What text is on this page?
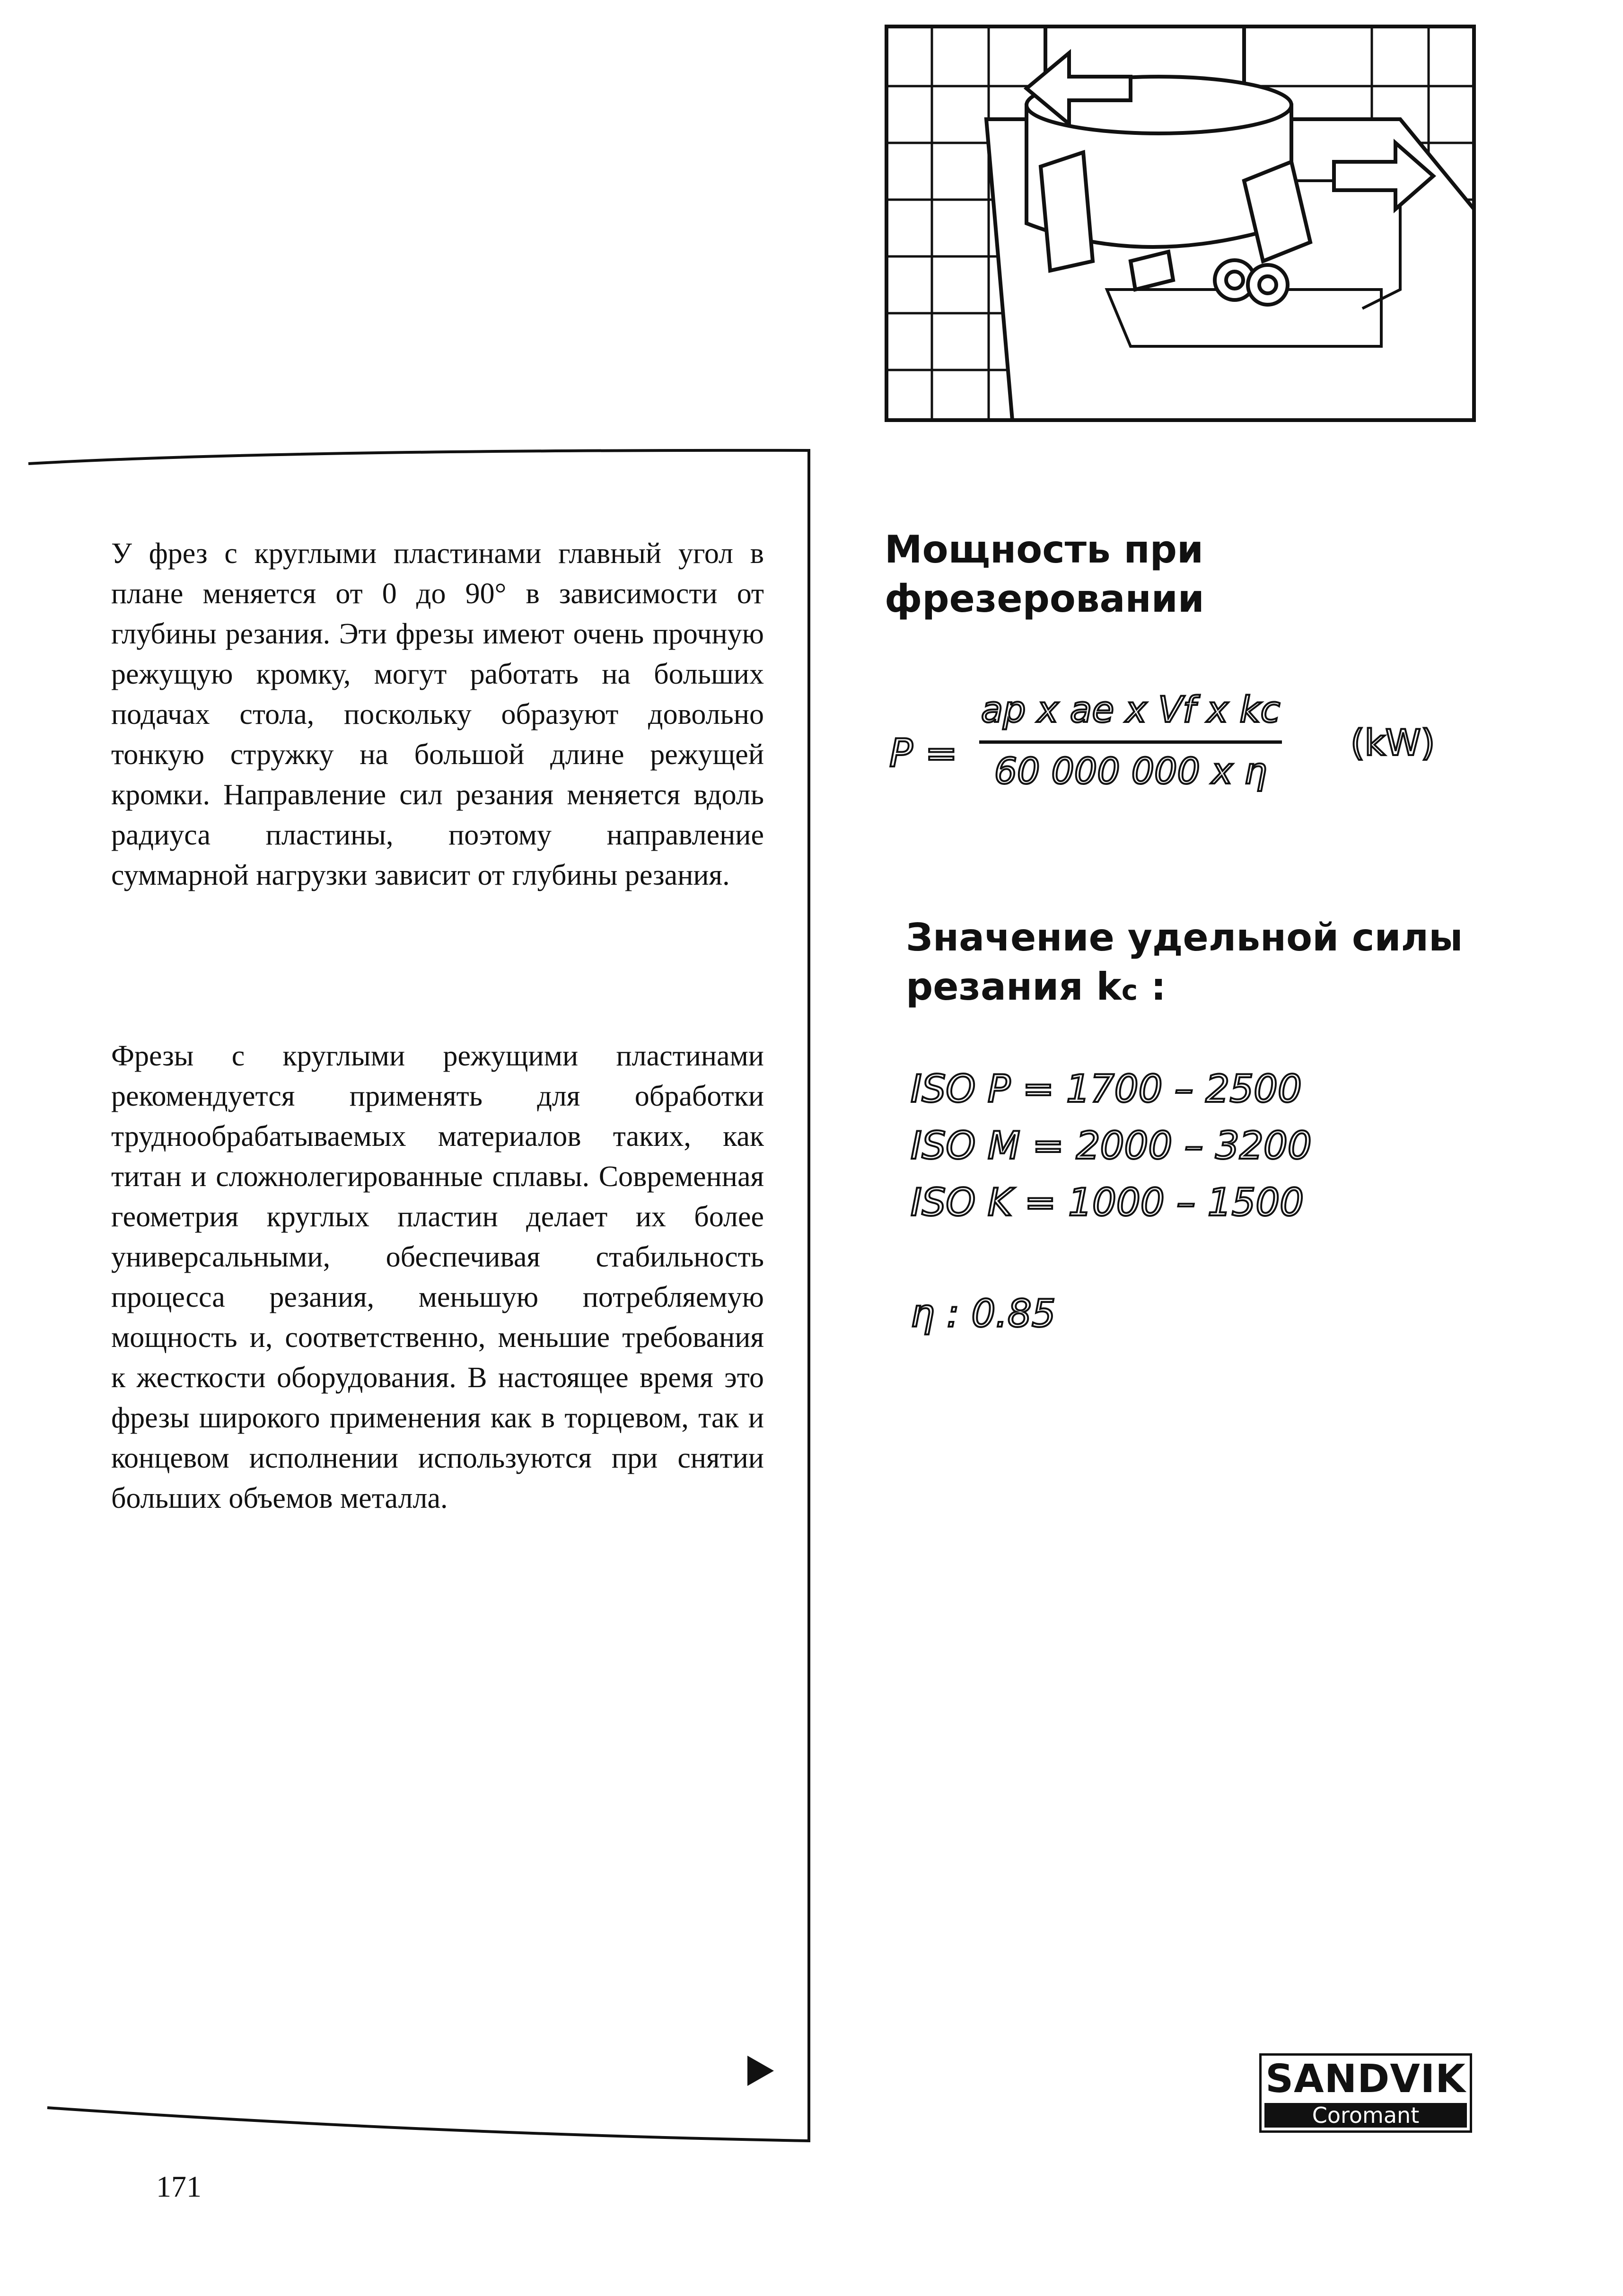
У фрез с круглыми пластинами главный угол в плане меняется от 0 до 90° в зависимости от глубины резания. Эти фрезы имеют очень прочную режущую кромку, могут работать на больших подачах стола, поскольку образуют довольно тонкую стружку на большой длине режущей кромки. Направление сил резания меняется вдоль радиуса пластины, поэтому направление суммарной нагрузки зависит от глубины резания.

Фрезы с круглыми режущими пластинами рекомендуется применять для обработки труднообрабатываемых материалов таких, как титан и сложнолегированные сплавы. Современная геометрия круглых пластин делает их более универсальными, обеспечивая стабильность процесса резания, меньшую потребляемую мощность и, соответственно, меньшие требования к жесткости оборудования. В настоящее время это фрезы широкого применения как в торцевом, так и концевом исполнении используются при снятии больших объемов металла.

Мощность при фрезеровании
P =
ap x ae x Vf x kc
60 000 000 x η
(kW)
Значение удельной силы резания kc :
ISO P = 1700 – 2500
ISO M = 2000 – 3200
ISO K = 1000 – 1500
η : 0.85
SANDVIK
Coromant
171
